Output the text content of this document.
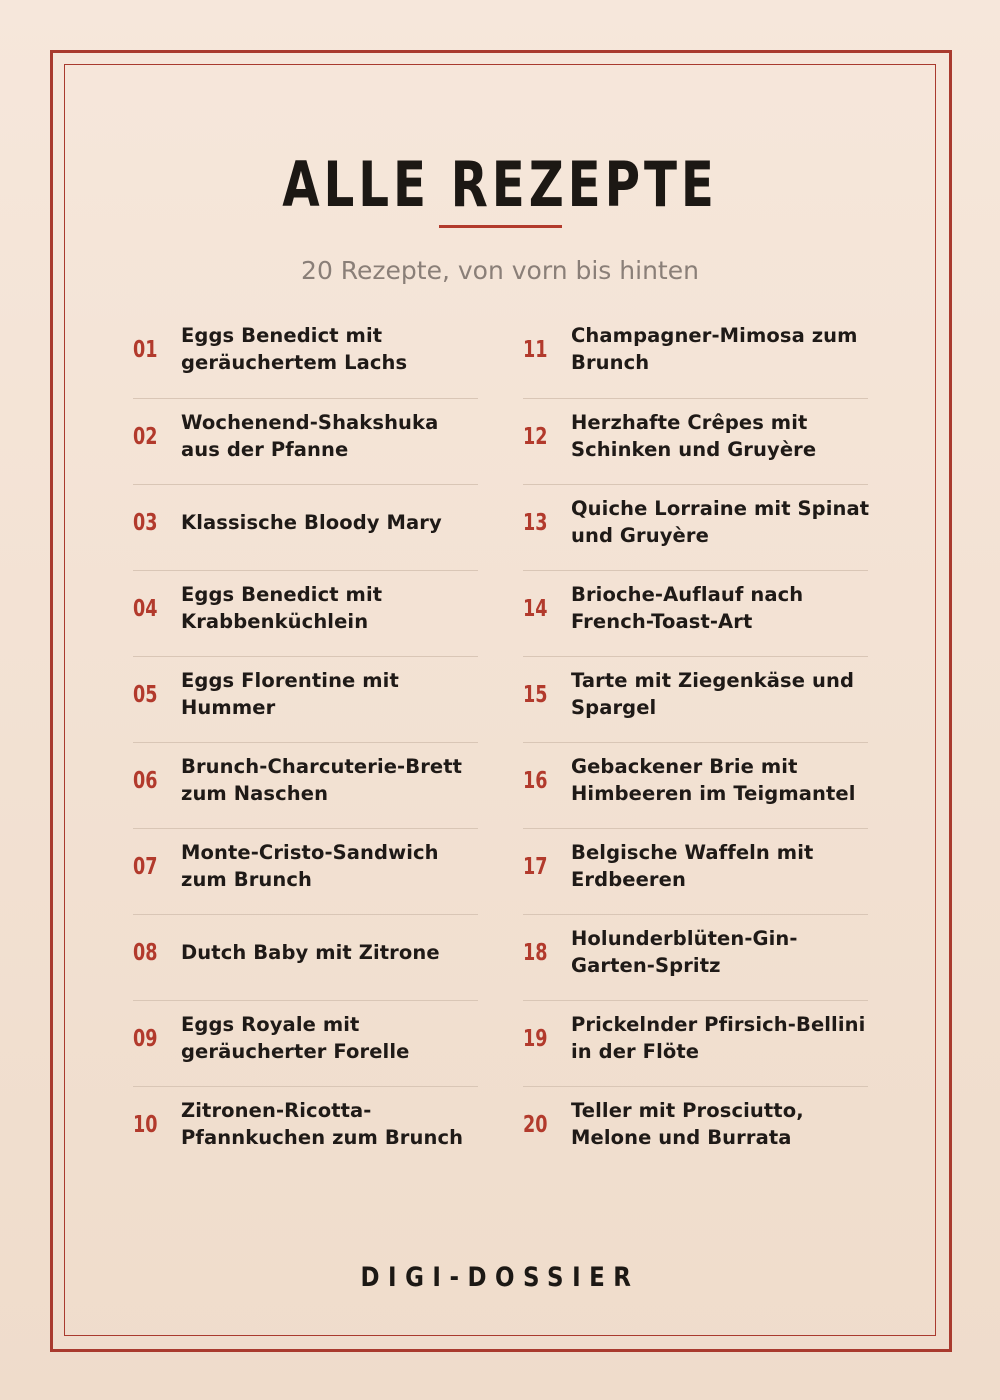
ALLE REZEPTE
20 Rezepte, von vorn bis hinten
01
Eggs Benedict mit geräuchertem Lachs
02
Wochenend-Shakshuka aus der Pfanne
03 Klassische Bloody Mary
04
Eggs Benedict mit Krabbenküchlein
05
Eggs Florentine mit Hummer
06
Brunch-Charcuterie-Brett zum Naschen
07
Monte-Cristo-Sandwich zum Brunch
08 Dutch Baby mit Zitrone
09
Eggs Royale mit geräucherter Forelle
10
Zitronen-Ricotta-Pfannkuchen zum Brunch
11
Champagner-Mimosa zum Brunch
12
Herzhafte Crêpes mit Schinken und Gruyère
13
Quiche Lorraine mit Spinat und Gruyère
14
Brioche-Auflauf nach French-Toast-Art
15
Tarte mit Ziegenkäse und Spargel
16
Gebackener Brie mit Himbeeren im Teigmantel
17
Belgische Waffeln mit Erdbeeren
18
Holunderblüten-Gin-Garten-Spritz
19
Prickelnder Pfirsich-Bellini in der Flöte
20
Teller mit Prosciutto, Melone und Burrata
DIGI-DOSSIER
